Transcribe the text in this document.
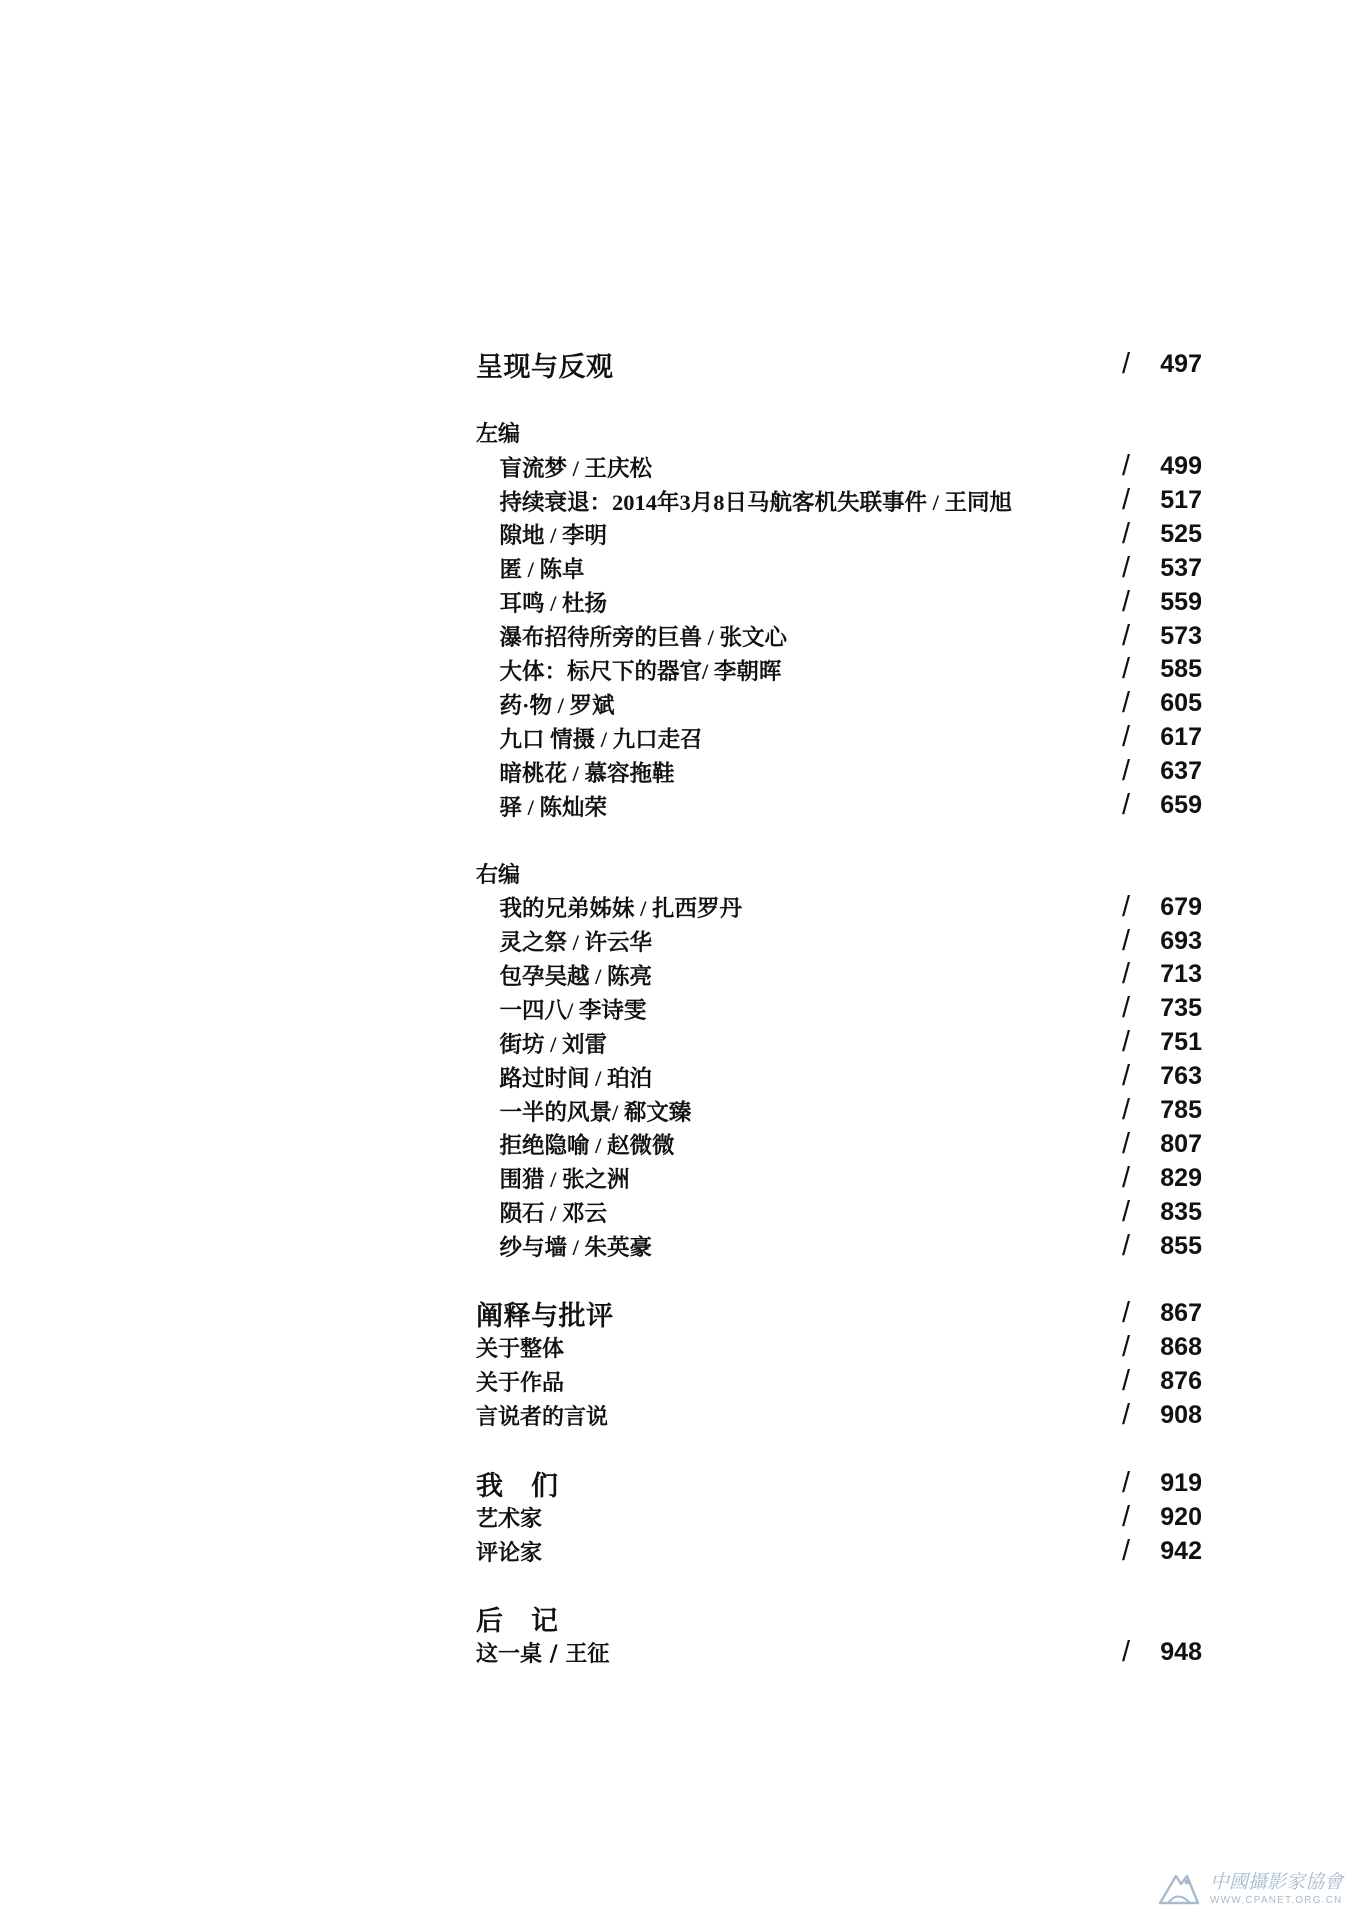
呈现与反观	/ 497
左编
盲流梦 / 王庆松	/ 499
持续衰退：2014年3月8日马航客机失联事件 / 王同旭	/ 517
隙地 / 李明	/ 525
匿 / 陈卓	/ 537
耳鸣 / 杜扬	/ 559
瀑布招待所旁的巨兽 / 张文心	/ 573
大体：标尺下的器官/ 李朝晖	/ 585
药·物 / 罗斌	/ 605
九口 情摄 / 九口走召	/ 617
暗桃花 / 慕容拖鞋	/ 637
驿 / 陈灿荣	/ 659
右编
我的兄弟姊妹 / 扎西罗丹	/ 679
灵之祭 / 许云华	/ 693
包孕吴越 / 陈亮	/ 713
一四八/ 李诗雯	/ 735
街坊 / 刘雷	/ 751
路过时间 / 珀泊	/ 763
一半的风景/ 郗文臻	/ 785
拒绝隐喻 / 赵微微	/ 807
围猎 / 张之洲	/ 829
陨石 / 邓云	/ 835
纱与墙 / 朱英豪	/ 855
阐释与批评	/ 867
关于整体	/ 868
关于作品	/ 876
言说者的言说	/ 908
我　们	/ 919
艺术家	/ 920
评论家	/ 942
后　记
这一桌 / 王征	/ 948
中國攝影家協會
WWW.CPANET.ORG.CN
